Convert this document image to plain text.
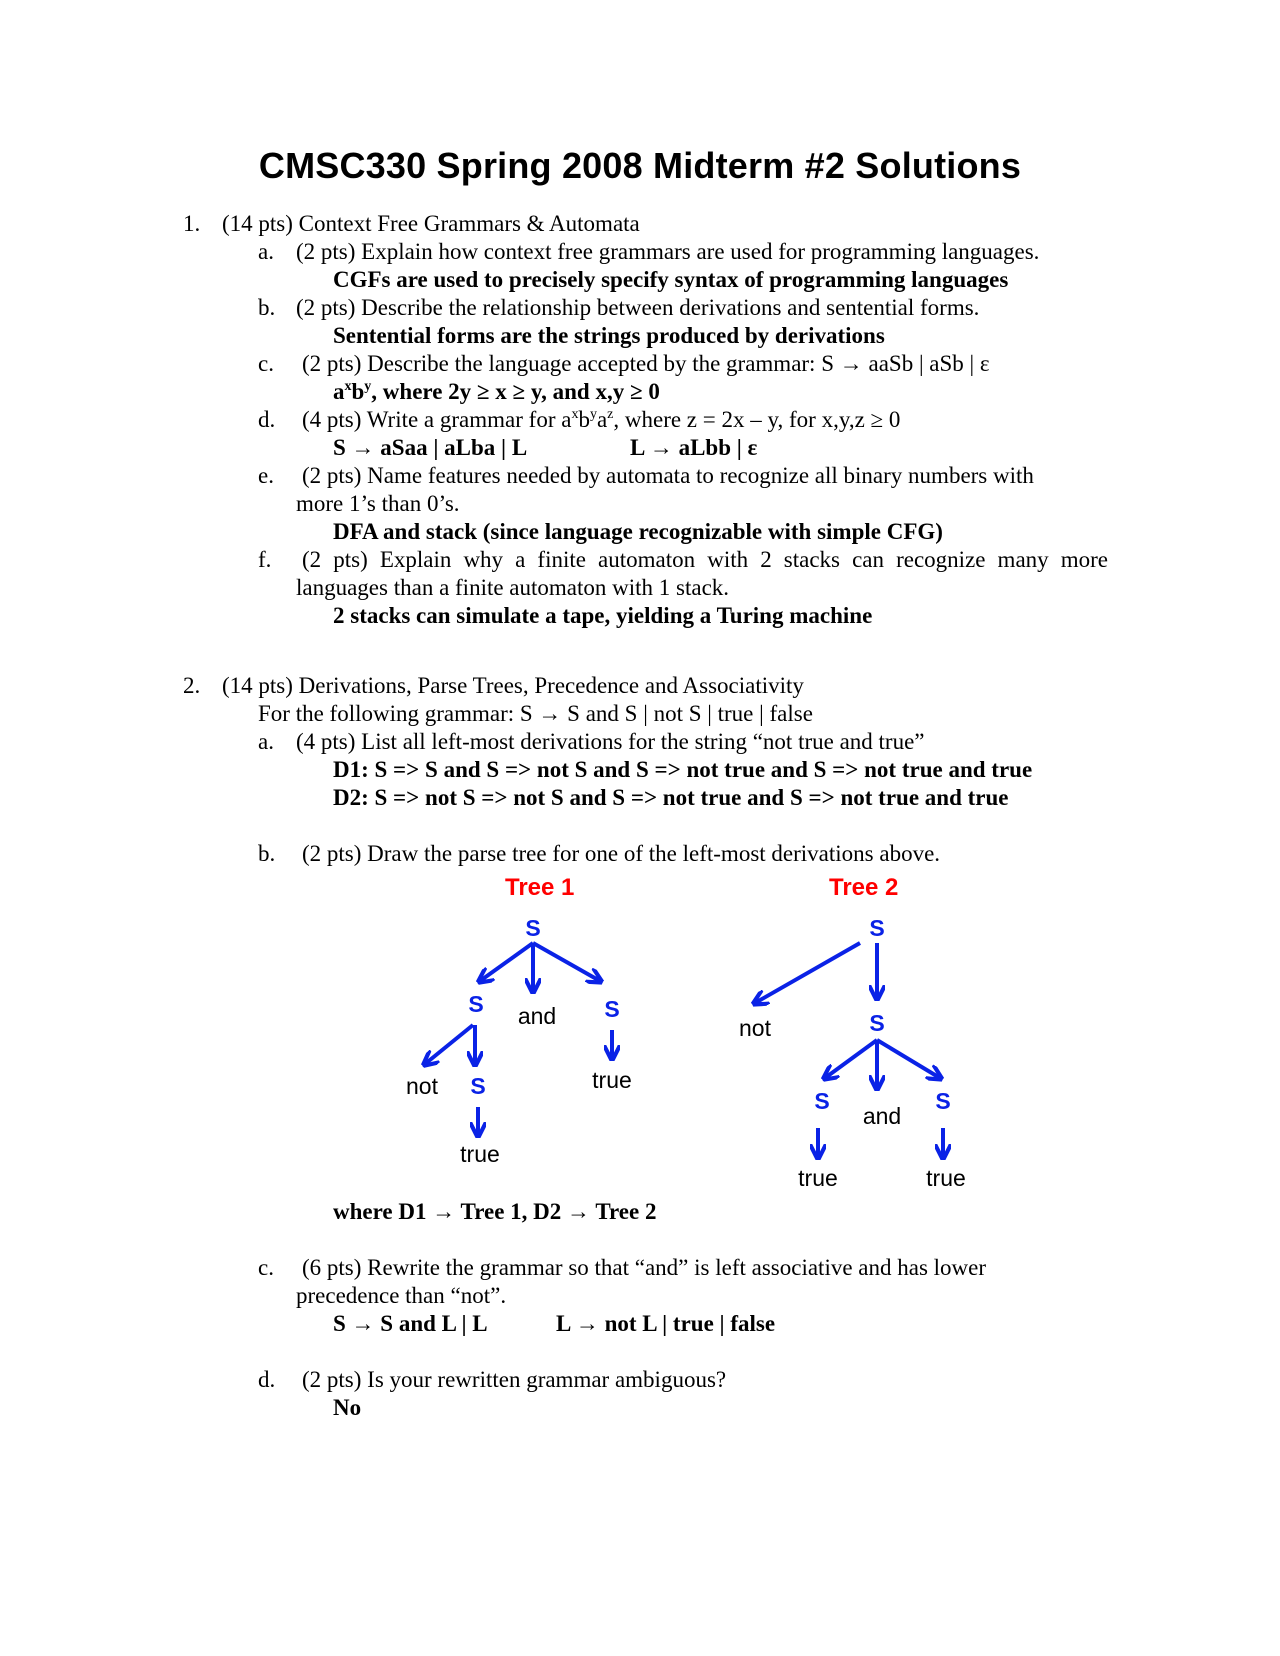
CMSC330 Spring 2008 Midterm #2 Solutions
1. (14 pts) Context Free Grammars & Automata
a. (2 pts) Explain how context free grammars are used for programming languages.
CGFs are used to precisely specify syntax of programming languages
b. (2 pts) Describe the relationship between derivations and sentential forms.
Sentential forms are the strings produced by derivations
c. (2 pts) Describe the language accepted by the grammar: S → aaSb | aSb | ε
$a^xb^y$, where 2y ≥ x ≥ y, and x,y ≥ 0
d. (4 pts) Write a grammar for $a^xb^ya^z$, where z = 2x – y, for x,y,z ≥ 0
S → aSaa | aLba | L	L → aLbb | ε
e. (2 pts) Name features needed by automata to recognize all binary numbers with
more 1’s than 0’s.
DFA and stack (since language recognizable with simple CFG)
f. (2 pts) Explain why a finite automaton with 2 stacks can recognize many more
languages than a finite automaton with 1 stack.
2 stacks can simulate a tape, yielding a Turing machine
2. (14 pts) Derivations, Parse Trees, Precedence and Associativity
For the following grammar: S → S and S | not S | true | false
a. (4 pts) List all left-most derivations for the string “not true and true”
D1: S => S and S => not S and S => not true and S => not true and true
D2: S => not S => not S and S => not true and S => not true and true
b. (2 pts) Draw the parse tree for one of the left-most derivations above.
Tree 1	Tree 2
S
S and S
not S	true
true
S
not	S
S
and
S
true	true
where D1 → Tree 1, D2 → Tree 2
c. (6 pts) Rewrite the grammar so that “and” is left associative and has lower
precedence than “not”.
S → S and L | L	L → not L | true | false
d. (2 pts) Is your rewritten grammar ambiguous?
No
